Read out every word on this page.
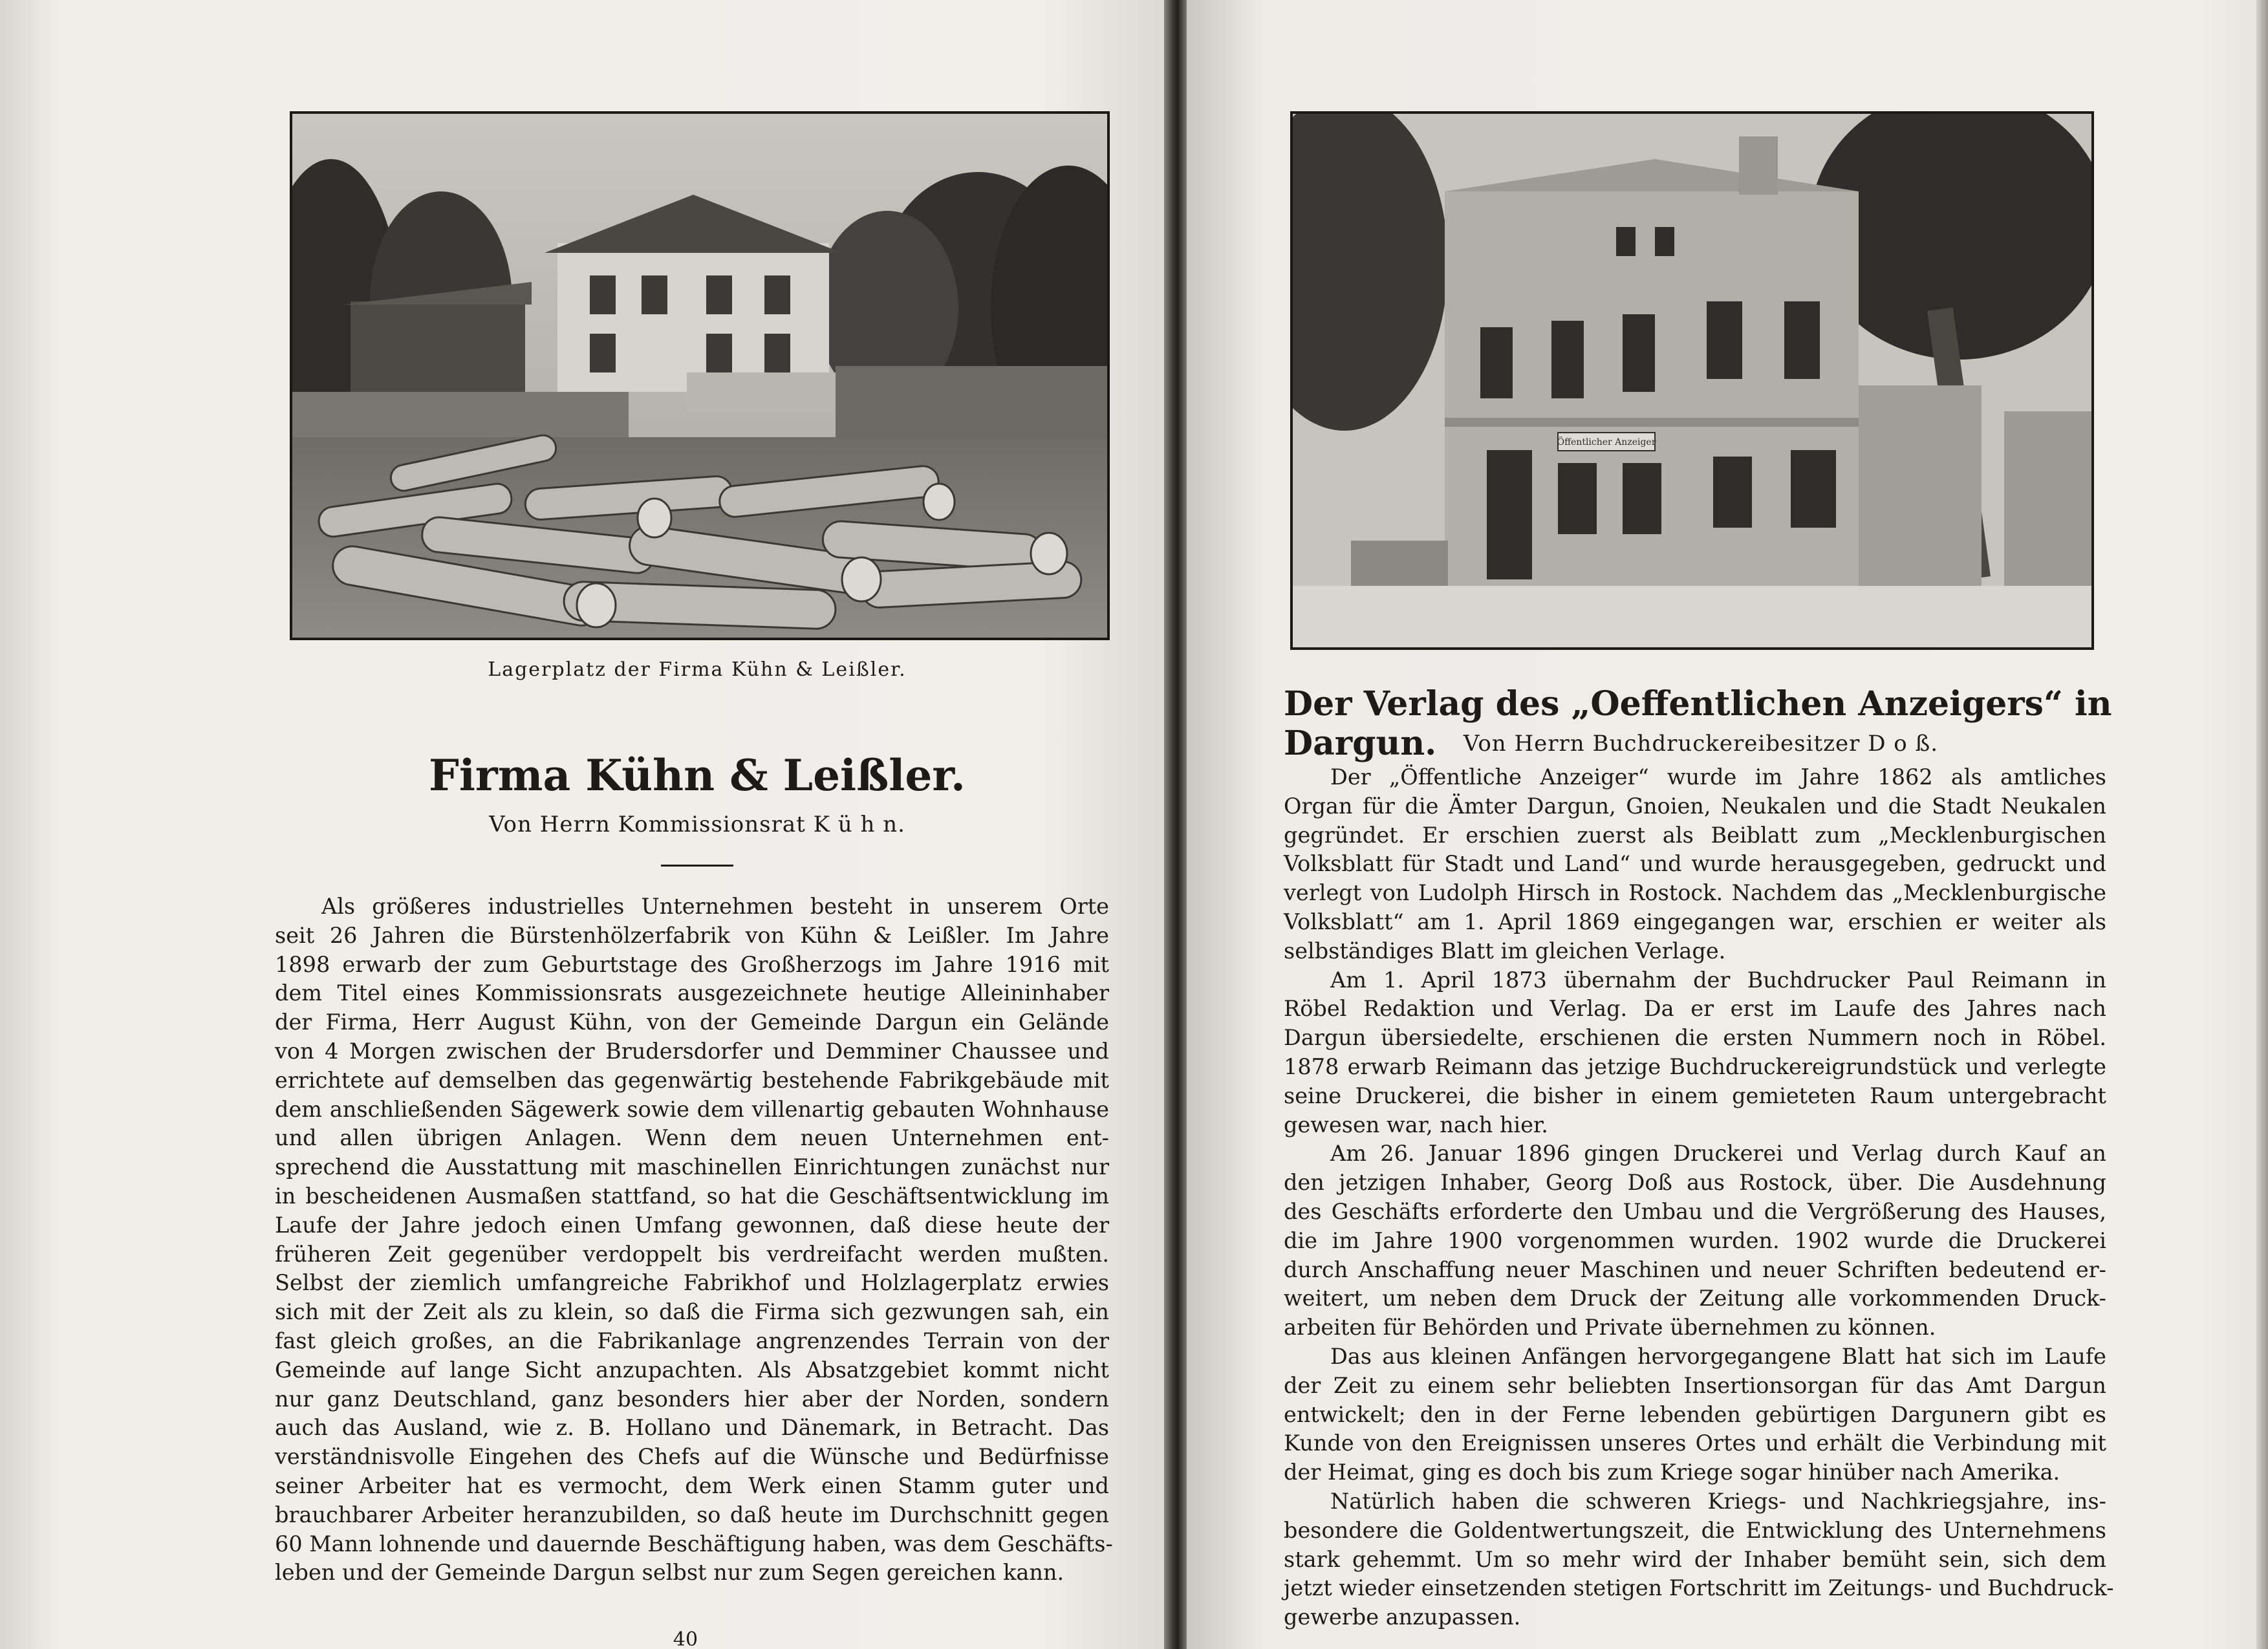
Lagerplatz der Firma Kühn & Leißler.
Firma Kühn & Leißler.
Von Herrn Kommissionsrat K ü h n.
Als größeres industrielles Unternehmen besteht in unserem Orte
seit 26 Jahren die Bürstenhölzerfabrik von Kühn & Leißler. Im Jahre
1898 erwarb der zum Geburtstage des Großherzogs im Jahre 1916 mit
dem Titel eines Kommissionsrats ausgezeichnete heutige Alleininhaber
der Firma, Herr August Kühn, von der Gemeinde Dargun ein Gelände
von 4 Morgen zwischen der Brudersdorfer und Demminer Chaussee und
errichtete auf demselben das gegenwärtig bestehende Fabrikgebäude mit
dem anschließenden Sägewerk sowie dem villenartig gebauten Wohnhause
und allen übrigen Anlagen. Wenn dem neuen Unternehmen ent-
sprechend die Ausstattung mit maschinellen Einrichtungen zunächst nur
in bescheidenen Ausmaßen stattfand, so hat die Geschäftsentwicklung im
Laufe der Jahre jedoch einen Umfang gewonnen, daß diese heute der
früheren Zeit gegenüber verdoppelt bis verdreifacht werden mußten.
Selbst der ziemlich umfangreiche Fabrikhof und Holzlagerplatz erwies
sich mit der Zeit als zu klein, so daß die Firma sich gezwungen sah, ein
fast gleich großes, an die Fabrikanlage angrenzendes Terrain von der
Gemeinde auf lange Sicht anzupachten. Als Absatzgebiet kommt nicht
nur ganz Deutschland, ganz besonders hier aber der Norden, sondern
auch das Ausland, wie z. B. Hollano und Dänemark, in Betracht. Das
verständnisvolle Eingehen des Chefs auf die Wünsche und Bedürfnisse
seiner Arbeiter hat es vermocht, dem Werk einen Stamm guter und
brauchbarer Arbeiter heranzubilden, so daß heute im Durchschnitt gegen
60 Mann lohnende und dauernde Beschäftigung haben, was dem Geschäfts-
leben und der Gemeinde Dargun selbst nur zum Segen gereichen kann.
40
Öffentlicher Anzeiger
Der Verlag des „Oeffentlichen Anzeigers“ in Dargun.	Von Herrn Buchdruckereibesitzer D o ß.
Der „Öffentliche Anzeiger“ wurde im Jahre 1862 als amtliches
Organ für die Ämter Dargun, Gnoien, Neukalen und die Stadt Neukalen
gegründet. Er erschien zuerst als Beiblatt zum „Mecklenburgischen
Volksblatt für Stadt und Land“ und wurde herausgegeben, gedruckt und
verlegt von Ludolph Hirsch in Rostock. Nachdem das „Mecklenburgische
Volksblatt“ am 1. April 1869 eingegangen war, erschien er weiter als
selbständiges Blatt im gleichen Verlage.
Am 1. April 1873 übernahm der Buchdrucker Paul Reimann in
Röbel Redaktion und Verlag. Da er erst im Laufe des Jahres nach
Dargun übersiedelte, erschienen die ersten Nummern noch in Röbel.
1878 erwarb Reimann das jetzige Buchdruckereigrundstück und verlegte
seine Druckerei, die bisher in einem gemieteten Raum untergebracht
gewesen war, nach hier.
Am 26. Januar 1896 gingen Druckerei und Verlag durch Kauf an
den jetzigen Inhaber, Georg Doß aus Rostock, über. Die Ausdehnung
des Geschäfts erforderte den Umbau und die Vergrößerung des Hauses,
die im Jahre 1900 vorgenommen wurden. 1902 wurde die Druckerei
durch Anschaffung neuer Maschinen und neuer Schriften bedeutend er-
weitert, um neben dem Druck der Zeitung alle vorkommenden Druck-
arbeiten für Behörden und Private übernehmen zu können.
Das aus kleinen Anfängen hervorgegangene Blatt hat sich im Laufe
der Zeit zu einem sehr beliebten Insertionsorgan für das Amt Dargun
entwickelt; den in der Ferne lebenden gebürtigen Dargunern gibt es
Kunde von den Ereignissen unseres Ortes und erhält die Verbindung mit
der Heimat, ging es doch bis zum Kriege sogar hinüber nach Amerika.
Natürlich haben die schweren Kriegs- und Nachkriegsjahre, ins-
besondere die Goldentwertungszeit, die Entwicklung des Unternehmens
stark gehemmt. Um so mehr wird der Inhaber bemüht sein, sich dem
jetzt wieder einsetzenden stetigen Fortschritt im Zeitungs- und Buchdruck-
gewerbe anzupassen.
